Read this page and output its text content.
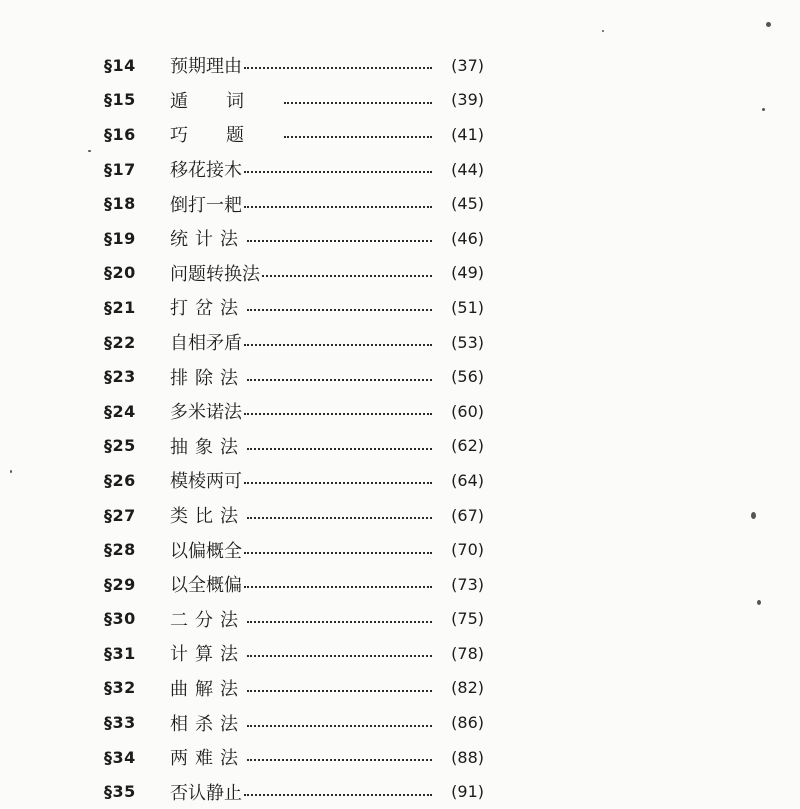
§14	预期理由	(37)
§15	遁词	(39)
§16	巧题	(41)
§17	移花接木	(44)
§18	倒打一耙	(45)
§19	统计法	(46)
§20	问题转换法	(49)
§21	打岔法	(51)
§22	自相矛盾	(53)
§23	排除法	(56)
§24	多米诺法	(60)
§25	抽象法	(62)
§26	模棱两可	(64)
§27	类比法	(67)
§28	以偏概全	(70)
§29	以全概偏	(73)
§30	二分法	(75)
§31	计算法	(78)
§32	曲解法	(82)
§33	相杀法	(86)
§34	两难法	(88)
§35	否认静止	(91)
